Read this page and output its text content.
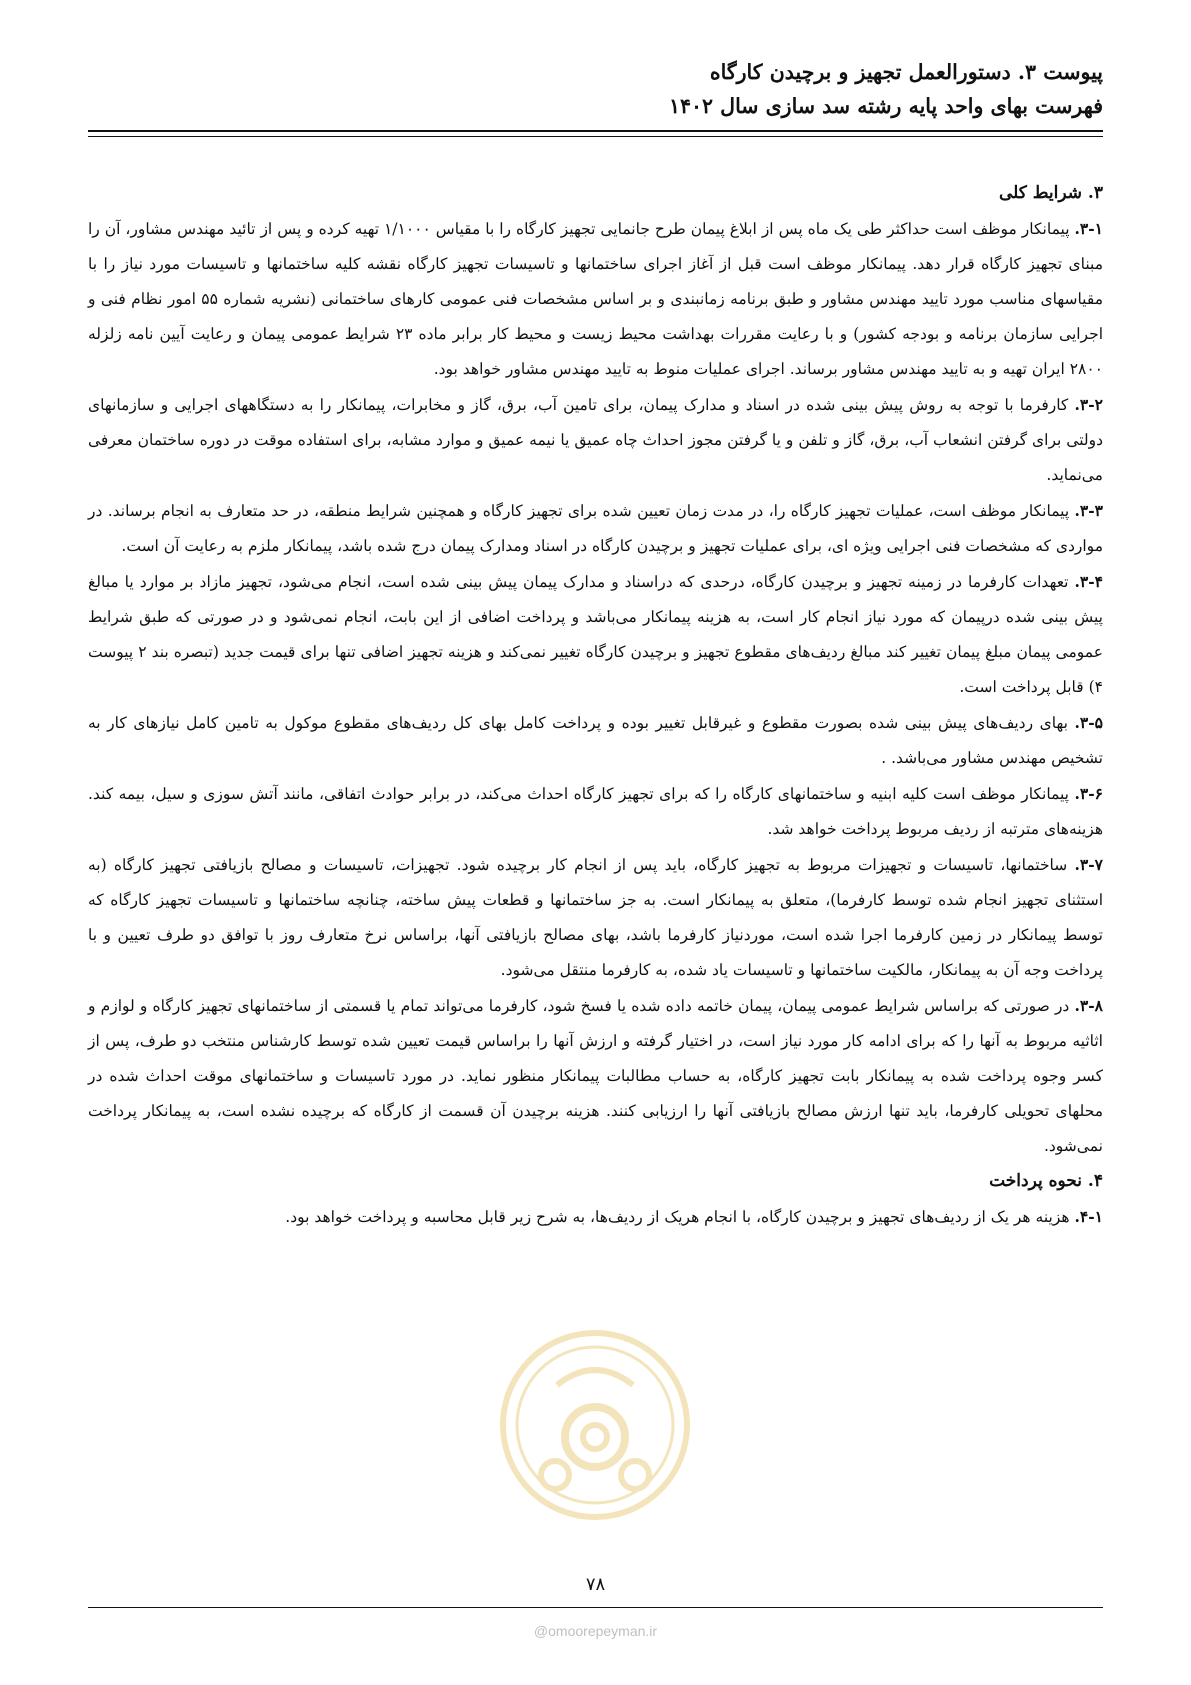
پیوست ۳. دستورالعمل تجهیز و برچیدن کارگاه
فهرست بهای واحد پایه رشته سد سازی سال ۱۴۰۲
۳. شرایط کلی

۳-۱. پیمانکار موظف است حداکثر طی یک ماه پس از ابلاغ پیمان طرح جانمایی تجهیز کارگاه را با مقیاس ۱/۱۰۰۰ تهیه کرده و پس از تائید مهندس مشاور، آن را مبنای تجهیز کارگاه قرار دهد. پیمانکار موظف است قبل از آغاز اجرای ساختمانها و تاسیسات تجهیز کارگاه نقشه کلیه ساختمانها و تاسیسات مورد نیاز را با مقیاسهای مناسب مورد تایید مهندس مشاور و طبق برنامه زمانبندی و بر اساس مشخصات فنی عمومی کارهای ساختمانی (نشریه شماره ۵۵ امور نظام فنی و اجرایی سازمان برنامه و بودجه کشور) و با رعایت مقررات بهداشت محیط زیست و محیط کار برابر ماده ۲۳ شرایط عمومی پیمان و رعایت آیین نامه زلزله ۲۸۰۰ ایران تهیه و به تایید مهندس مشاور برساند. اجرای عملیات منوط به تایید مهندس مشاور خواهد بود.

۳-۲. کارفرما با توجه به روش پیش بینی شده در اسناد و مدارک پیمان، برای تامین آب، برق، گاز و مخابرات، پیمانکار را به دستگاههای اجرایی و سازمانهای دولتی برای گرفتن انشعاب آب، برق، گاز و تلفن و یا گرفتن مجوز احداث چاه عمیق یا نیمه عمیق و موارد مشابه، برای استفاده موقت در دوره ساختمان معرفی می‌نماید.

۳-۳. پیمانکار موظف است، عملیات تجهیز کارگاه را، در مدت زمان تعیین شده برای تجهیز کارگاه و همچنین شرایط منطقه، در حد متعارف به انجام برساند. در مواردی که مشخصات فنی اجرایی ویژه ای، برای عملیات تجهیز و برچیدن کارگاه در اسناد ومدارک پیمان درج شده باشد، پیمانکار ملزم به رعایت آن است.

۳-۴. تعهدات کارفرما در زمینه تجهیز و برچیدن کارگاه، درحدی که دراسناد و مدارک پیمان پیش بینی شده است، انجام می‌شود، تجهیز مازاد بر موارد یا مبالغ پیش بینی شده درپیمان که مورد نیاز انجام کار است، به هزینه پیمانکار می‌باشد و پرداخت اضافی از این بابت، انجام نمی‌شود و در صورتی که طبق شرایط عمومی پیمان مبلغ پیمان تغییر کند مبالغ ردیف‌های مقطوع تجهیز و برچیدن کارگاه تغییر نمی‌کند و هزینه تجهیز اضافی تنها برای قیمت جدید (تبصره بند ۲ پیوست ۴) قابل پرداخت است.

۳-۵. بهای ردیف‌های پیش بینی شده بصورت مقطوع و غیرقابل تغییر بوده و پرداخت کامل بهای کل ردیف‌های مقطوع موکول به تامین کامل نیازهای کار به تشخیص مهندس مشاور می‌باشد. .

۳-۶. پیمانکار موظف است کلیه ابنیه و ساختمانهای کارگاه را که برای تجهیز کارگاه احداث می‌کند، در برابر حوادث اتفاقی، مانند آتش سوزی و سیل، بیمه کند. هزینه‌های مترتبه از ردیف مربوط پرداخت خواهد شد.

۳-۷. ساختمانها، تاسیسات و تجهیزات مربوط به تجهیز کارگاه، باید پس از انجام کار برچیده شود. تجهیزات، تاسیسات و مصالح بازیافتی تجهیز کارگاه (به استثنای تجهیز انجام شده توسط کارفرما)، متعلق به پیمانکار است. به جز ساختمانها و قطعات پیش ساخته، چنانچه ساختمانها و تاسیسات تجهیز کارگاه که توسط پیمانکار در زمین کارفرما اجرا شده است، مورد‌نیاز کارفرما باشد، بهای مصالح بازیافتی آنها، براساس نرخ متعارف روز با توافق دو طرف تعیین و با پرداخت وجه آن به پیمانکار، مالکیت ساختمانها و تاسیسات یاد شده، به کارفرما منتقل می‌شود.

۳-۸. در صورتی که براساس شرایط عمومی پیمان، پیمان خاتمه داده شده یا فسخ شود، کارفرما می‌تواند تمام یا قسمتی از ساختمانهای تجهیز کارگاه و لوازم و اثاثیه مربوط به آنها را که برای ادامه کار مورد نیاز است، در اختیار گرفته و ارزش آنها را براساس قیمت تعیین شده توسط کارشناس منتخب دو طرف، پس از کسر وجوه پرداخت شده به پیمانکار بابت تجهیز کارگاه، به حساب مطالبات پیمانکار منظور نماید. در مورد تاسیسات و ساختمانهای موقت احداث شده در محلهای تحویلی کارفرما، باید تنها ارزش مصالح بازیافتی آنها را ارزیابی کنند. هزینه برچیدن آن قسمت از کارگاه که برچیده نشده است، به پیمانکار پرداخت نمی‌شود.

۴. نحوه پرداخت

۴-۱. هزینه هر یک از ردیف‌های تجهیز و برچیدن کارگاه، با انجام هریک از ردیف‌ها، به شرح زیر قابل محاسبه و پرداخت خواهد بود.

۷۸
@omoorepeyman.ir
